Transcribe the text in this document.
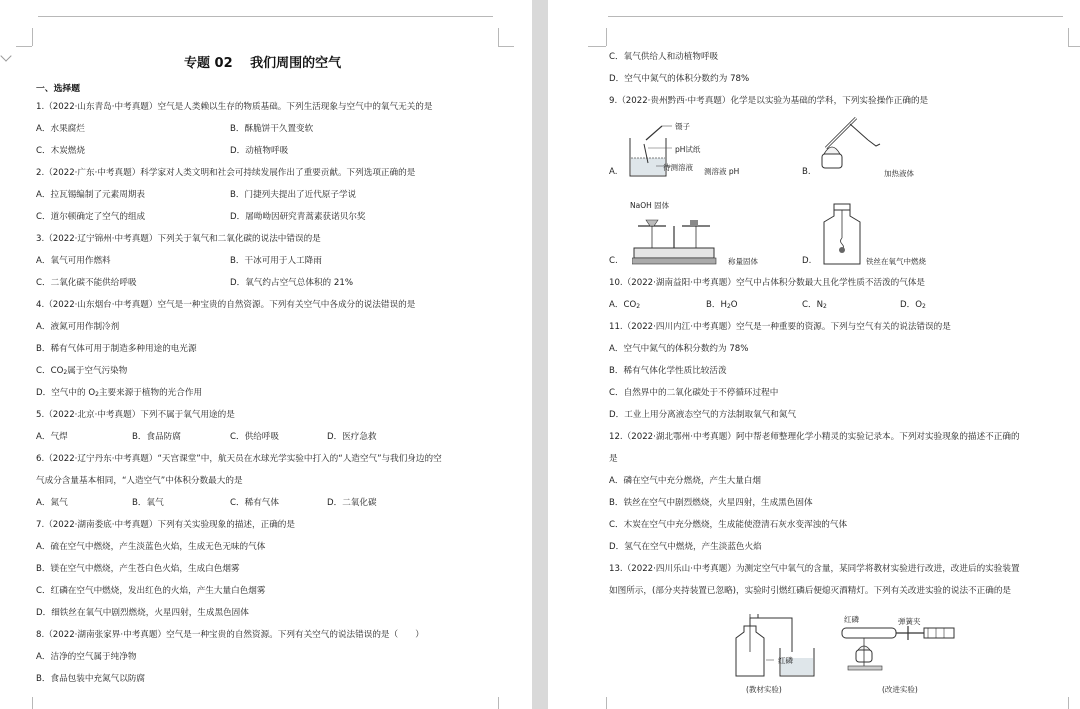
专题 02　 我们周围的空气
一、选择题
1.（2022·山东青岛·中考真题）空气是人类赖以生存的物质基础。下列生活现象与空气中的氧气无关的是
A．水果腐烂	B．酥脆饼干久置变软
C．木炭燃烧	D．动植物呼吸
2.（2022·广东·中考真题）科学家对人类文明和社会可持续发展作出了重要贡献。下列选项正确的是
A．拉瓦锡编制了元素周期表	B．门捷列夫提出了近代原子学说
C．道尔顿确定了空气的组成	D．屠呦呦因研究青蒿素获诺贝尔奖
3.（2022·辽宁锦州·中考真题）下列关于氧气和二氧化碳的说法中错误的是
A．氧气可用作燃料	B．干冰可用于人工降雨
C．二氧化碳不能供给呼吸	D．氧气约占空气总体积的 21%
4.（2022·山东烟台·中考真题）空气是一种宝贵的自然资源。下列有关空气中各成分的说法错误的是
A．液氮可用作制冷剂
B．稀有气体可用于制造多种用途的电光源
C．$CO_2$属于空气污染物
D．空气中的 $O_2$主要来源于植物的光合作用
5.（2022·北京·中考真题）下列不属于氧气用途的是
A．气焊	B．食品防腐	C．供给呼吸	D．医疗急救
6.（2022·辽宁丹东·中考真题）“天宫课堂”中，航天员在水球光学实验中打入的“人造空气”与我们身边的空
气成分含量基本相同，“人造空气”中体积分数最大的是
A．氮气	B．氧气	C．稀有气体	D．二氧化碳
7.（2022·湖南娄底·中考真题）下列有关实验现象的描述，正确的是
A．硫在空气中燃烧，产生淡蓝色火焰，生成无色无味的气体
B．镁在空气中燃烧，产生苍白色火焰，生成白色烟雾
C．红磷在空气中燃烧，发出红色的火焰，产生大量白色烟雾
D．细铁丝在氧气中剧烈燃烧，火星四射，生成黑色固体
8.（2022·湖南张家界·中考真题）空气是一种宝贵的自然资源。下列有关空气的说法错误的是（　　）
A．洁净的空气属于纯净物
B．食品包装中充氮气以防腐
C．氧气供给人和动植物呼吸
D．空气中氮气的体积分数约为 78%
9.（2022·贵州黔西·中考真题）化学是以实验为基础的学科，下列实验操作正确的是
镊子
pH试纸
待测溶液 测溶液 pH
A.	加热液体
B.
NaOH 固体
称量固体
C.	铁丝在氧气中燃烧
D.
10.（2022·湖南益阳·中考真题）空气中占体积分数最大且化学性质不活泼的气体是
A．$CO_2$	B．$H_2O$	C．$N_2$	D．$O_2$
11.（2022·四川内江·中考真题）空气是一种重要的资源。下列与空气有关的说法错误的是
A．空气中氮气的体积分数约为 78%
B．稀有气体化学性质比较活泼
C．自然界中的二氧化碳处于不停循环过程中
D．工业上用分离液态空气的方法制取氧气和氮气
12.（2022·湖北鄂州·中考真题）阿中帮老师整理化学小精灵的实验记录本。下列对实验现象的描述不正确的
是
A．磷在空气中充分燃烧，产生大量白烟
B．铁丝在空气中剧烈燃烧，火星四射，生成黑色固体
C．木炭在空气中充分燃烧，生成能使澄清石灰水变浑浊的气体
D．氢气在空气中燃烧，产生淡蓝色火焰
13.（2022·四川乐山·中考真题）为测定空气中氧气的含量，某同学将教材实验进行改进，改进后的实验装置
如图所示，(部分夹持装置已忽略)，实验时引燃红磷后便熄灭酒精灯。下列有关改进实验的说法不正确的是
红磷
(教材实验)
红磷	弹簧夹
(改进实验)
